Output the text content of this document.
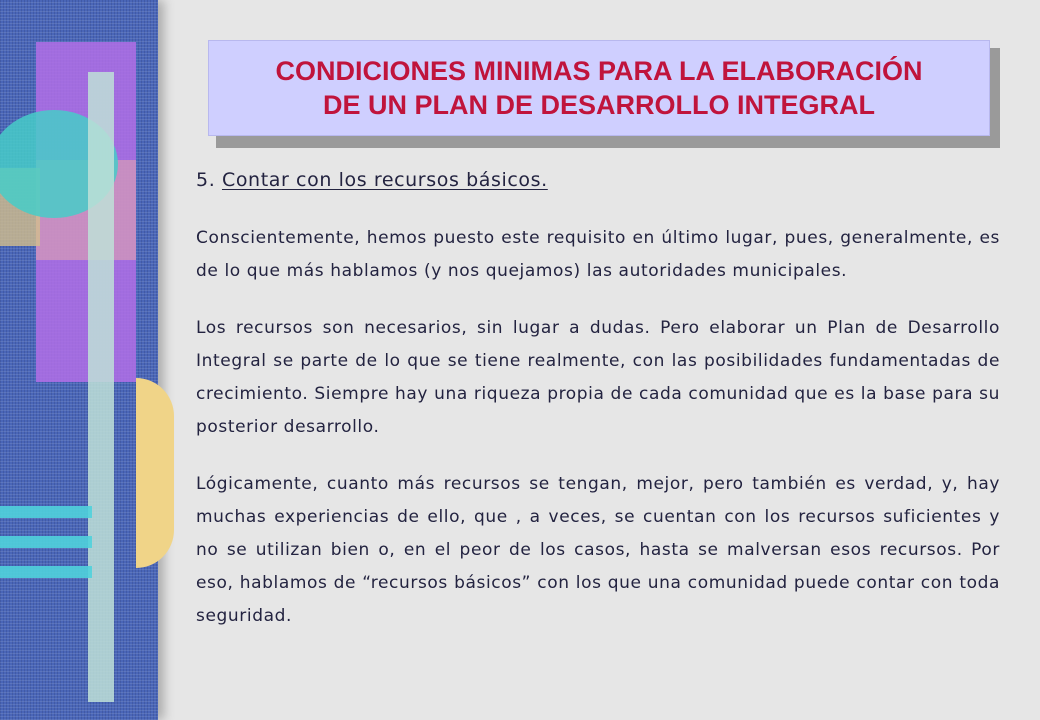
CONDICIONES MINIMAS PARA LA ELABORACIÓN
DE UN PLAN DE DESARROLLO INTEGRAL

5. Contar con los recursos básicos.

Conscientemente, hemos puesto este requisito en último lugar, pues, generalmente, es de lo que más hablamos (y nos quejamos) las autoridades municipales.

Los recursos son necesarios, sin lugar a dudas. Pero elaborar un Plan de Desarrollo Integral se parte de lo que se tiene realmente, con las posibilidades fundamentadas de crecimiento. Siempre hay una riqueza propia de cada comunidad que es la base para su posterior desarrollo.

Lógicamente, cuanto más recursos se tengan, mejor, pero también es verdad, y, hay muchas experiencias de ello, que , a veces, se cuentan con los recursos suficientes y no se utilizan bien o, en el peor de los casos, hasta se malversan esos recursos. Por eso, hablamos de “recursos básicos” con los que una comunidad puede contar con toda seguridad.
